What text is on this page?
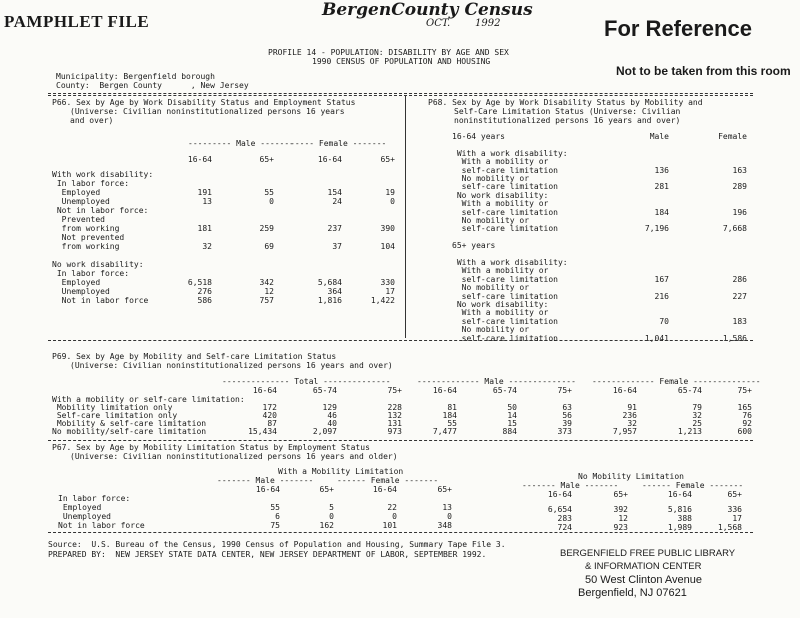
PAMPHLET FILE
BergenCounty Census
OCT. 1992	For Reference
Not to be taken from this room
PROFILE 14 - POPULATION: DISABILITY BY AGE AND SEX
1990 CENSUS OF POPULATION AND HOUSING
Municipality: Bergenfield borough
County:  Bergen County      , New Jersey
P66. Sex by Age by Work Disability Status and Employment Status
(Universe: Civilian noninstitutionalized persons 16 years
and over)
--------- Male -------
----- Female -------
16-64	65+	16-64	65+
With work disability:
In labor force:
Employed	191	55	154	19
Unemployed	13	0	24	0
Not in labor force:
Prevented
from working	181	259	237	390
Not prevented
from working	32	69	37	104
No work disability:
In labor force:
Employed	6,518	342	5,684	330
Unemployed	276	12	364	17
Not in labor force	586	757	1,816	1,422
P68. Sex by Age by Work Disability Status by Mobility and
Self-Care Limitation Status (Universe: Civilian
noninstitutionalized persons 16 years and over)
16-64 years
With a work disability:
With a mobility or
self-care limitation	136	163
No mobility or
self-care limitation	281	289
No work disability:
With a mobility or
self-care limitation	184	196
No mobility or
self-care limitation	7,196	7,668
65+ years
With a work disability:
With a mobility or
self-care limitation	167	286
No mobility or
self-care limitation	216	227
No work disability:
With a mobility or
self-care limitation	70	183
No mobility or
self-care limitation	1,041	1,586
Male	Female
P69. Sex by Age by Mobility and Self-care Limitation Status
(Universe: Civilian noninstitutionalized persons 16 years and over)
-------------- Total --------------	------------- Male -------------- ------------- Female --------------
16-64	65-74	75+	16-64	65-74	75+	16-64	65-74	75+
With a mobility or self-care limitation:
Mobility limitation only	172	129	228	81	50	63	91	79	165
Self-care limitation only	420	46	132	184	14	56	236	32	76
Mobility & self-care limitation	87	40	131	55	15	39	32	25	92
No mobility/self-care limitation	15,434	2,097	973	7,477	884	373	7,957	1,213	600
P67. Sex by Age by Mobility Limitation Status by Employment Status
(Universe: Civilian noninstitutionalized persons 16 years and older)
With a Mobility Limitation
No Mobility Limitation
------- Male -------	------ Female -------
------- Male -------	------ Female -------
16-64	65+	16-64	65+
16-64	65+	16-64	65+
In labor force:
Employed	55	5	22	13	6,654	392	5,816	336
Unemployed	6	0	0	0	283	12	388	17
Not in labor force	75	162	101	348	724	923	1,989	1,568
Source:  U.S. Bureau of the Census, 1990 Census of Population and Housing, Summary Tape File 3.
PREPARED BY:  NEW JERSEY STATE DATA CENTER, NEW JERSEY DEPARTMENT OF LABOR, SEPTEMBER 1992.	BERGENFIELD FREE PUBLIC LIBRARY
& INFORMATION CENTER
50 West Clinton Avenue
Bergenfield, NJ 07621
